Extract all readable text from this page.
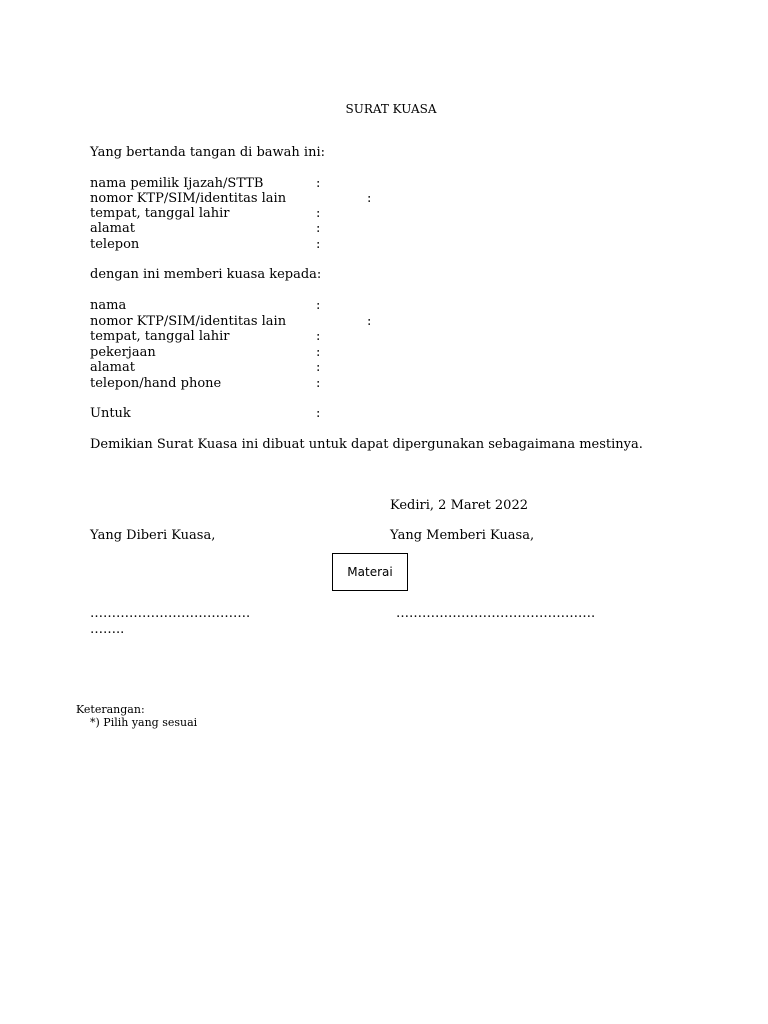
SURAT KUASA
Yang bertanda tangan di bawah ini:
nama pemilik Ijazah/STTB	:
nomor KTP/SIM/identitas lain	:
tempat, tanggal lahir	:
alamat	:
telepon	:
dengan ini memberi kuasa kepada:
nama	:
nomor KTP/SIM/identitas lain	:
tempat, tanggal lahir	:
pekerjaan	:
alamat	:
telepon/hand phone	:
Untuk	:
Demikian Surat Kuasa ini dibuat untuk dapat dipergunakan sebagaimana mestinya.
Kediri, 2 Maret 2022
Yang Diberi Kuasa,	Yang Memberi Kuasa,
Materai
……………………………….
……..
……………………………………….
Keterangan:
*) Pilih yang sesuai
